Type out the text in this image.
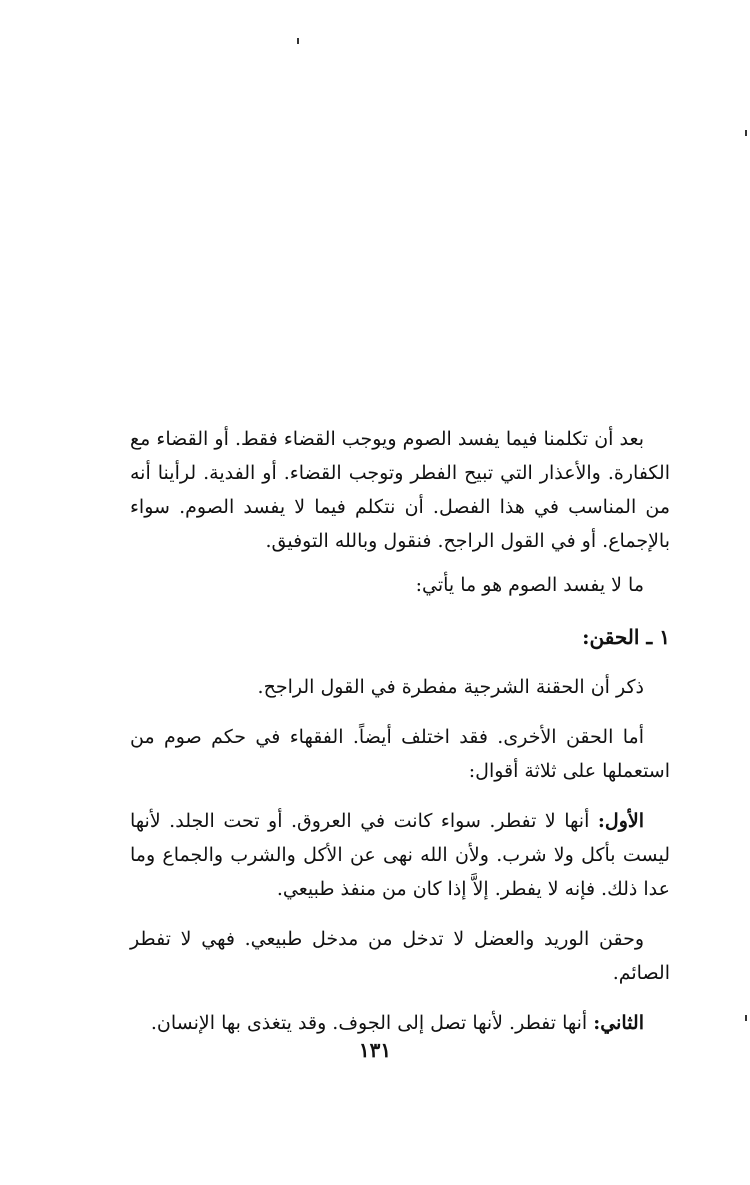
بعد أن تكلمنا فيما يفسد الصوم ويوجب القضاء فقط. أو القضاء مع الكفارة. والأعذار التي تبيح الفطر وتوجب القضاء. أو الفدية. لرأينا أنه من المناسب في هذا الفصل. أن نتكلم فيما لا يفسد الصوم. سواء بالإجماع. أو في القول الراجح. فنقول وبالله التوفيق.

ما لا يفسد الصوم هو ما يأتي:

١ ـ الحقن:

ذكر أن الحقنة الشرجية مفطرة في القول الراجح.

أما الحقن الأخرى. فقد اختلف أيضاً. الفقهاء في حكم صوم من استعملها على ثلاثة أقوال:

الأول: أنها لا تفطر. سواء كانت في العروق. أو تحت الجلد. لأنها ليست بأكل ولا شرب. ولأن الله نهى عن الأكل والشرب والجماع وما عدا ذلك. فإنه لا يفطر. إلاَّ إذا كان من منفذ طبيعي.

وحقن الوريد والعضل لا تدخل من مدخل طبيعي. فهي لا تفطر الصائم.

الثاني: أنها تفطر. لأنها تصل إلى الجوف. وقد يتغذى بها الإنسان.

١٣١
